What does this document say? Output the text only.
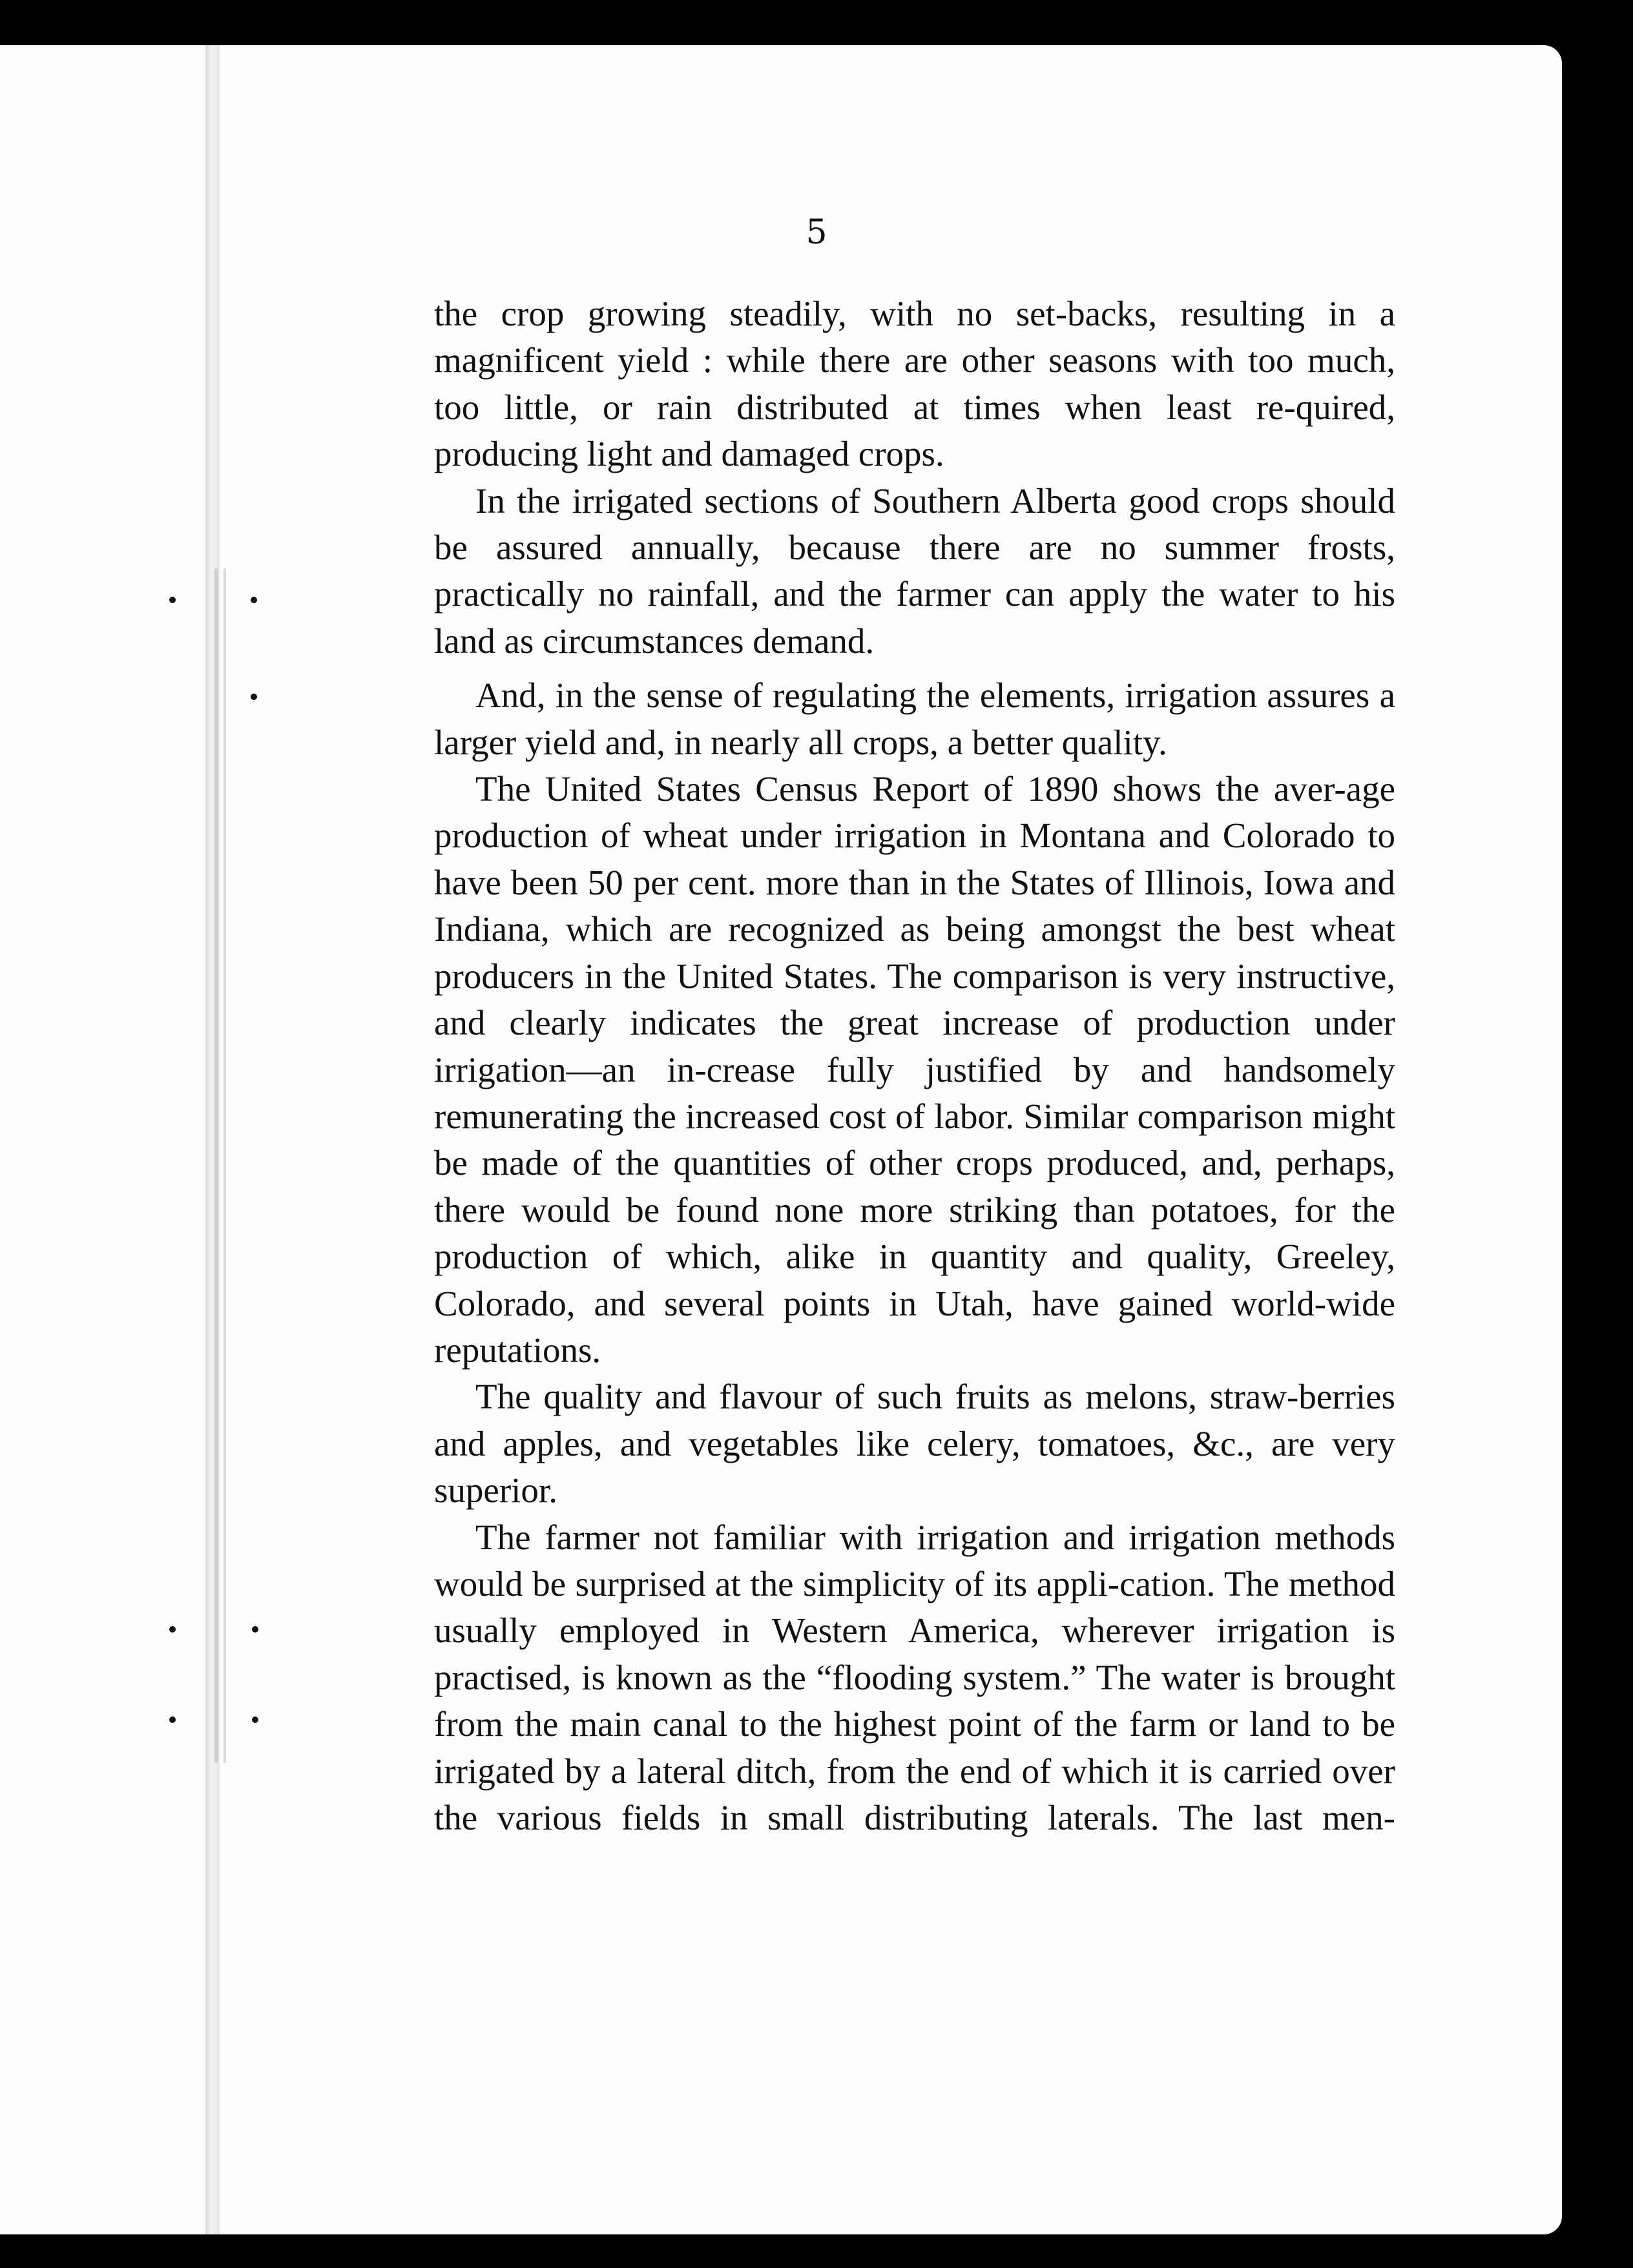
5

the crop growing steadily, with no set-backs, resulting in a magnificent yield : while there are other seasons with too much, too little, or rain distributed at times when least re-quired, producing light and damaged crops.

In the irrigated sections of Southern Alberta good crops should be assured annually, because there are no summer frosts, practically no rainfall, and the farmer can apply the water to his land as circumstances demand.

And, in the sense of regulating the elements, irrigation assures a larger yield and, in nearly all crops, a better quality.

The United States Census Report of 1890 shows the aver-age production of wheat under irrigation in Montana and Colorado to have been 50 per cent. more than in the States of Illinois, Iowa and Indiana, which are recognized as being amongst the best wheat producers in the United States. The comparison is very instructive, and clearly indicates the great increase of production under irrigation—an in-crease fully justified by and handsomely remunerating the increased cost of labor. Similar comparison might be made of the quantities of other crops produced, and, perhaps, there would be found none more striking than potatoes, for the production of which, alike in quantity and quality, Greeley, Colorado, and several points in Utah, have gained world-wide reputations.

The quality and flavour of such fruits as melons, straw-berries and apples, and vegetables like celery, tomatoes, &c., are very superior.

The farmer not familiar with irrigation and irrigation methods would be surprised at the simplicity of its appli-cation. The method usually employed in Western America, wherever irrigation is practised, is known as the “flooding system.” The water is brought from the main canal to the highest point of the farm or land to be irrigated by a lateral ditch, from the end of which it is carried over the various fields in small distributing laterals. The last men-
